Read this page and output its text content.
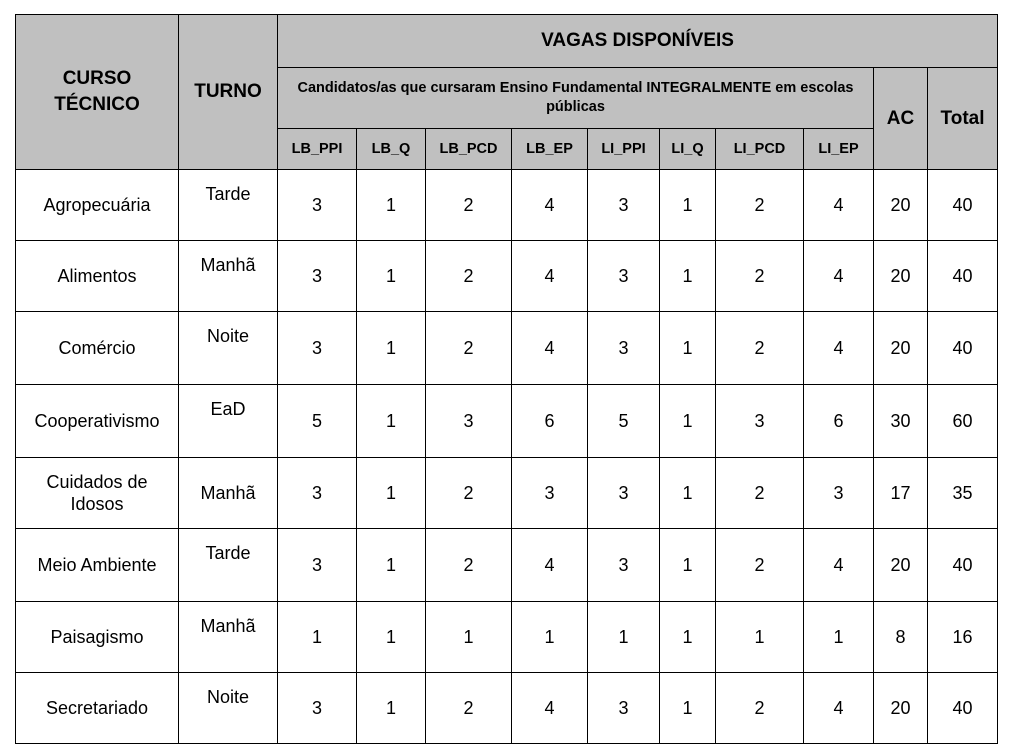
CURSO TÉCNICO	TURNO	VAGAS DISPONÍVEIS									
		Candidatos/as que cursaram Ensino Fundamental INTEGRALMENTE em escolas públicas								AC	Total
		LB_PPI	LB_Q	LB_PCD	LB_EP	LI_PPI	LI_Q	LI_PCD	LI_EP		
Agropecuária	Tarde	3	1	2	4	3	1	2	4	20	40
Alimentos	Manhã	3	1	2	4	3	1	2	4	20	40
Comércio	Noite	3	1	2	4	3	1	2	4	20	40
Cooperativismo	EaD	5	1	3	6	5	1	3	6	30	60
Cuidados de Idosos	Manhã	3	1	2	3	3	1	2	3	17	35
Meio Ambiente	Tarde	3	1	2	4	3	1	2	4	20	40
Paisagismo	Manhã	1	1	1	1	1	1	1	1	8	16
Secretariado	Noite	3	1	2	4	3	1	2	4	20	40
